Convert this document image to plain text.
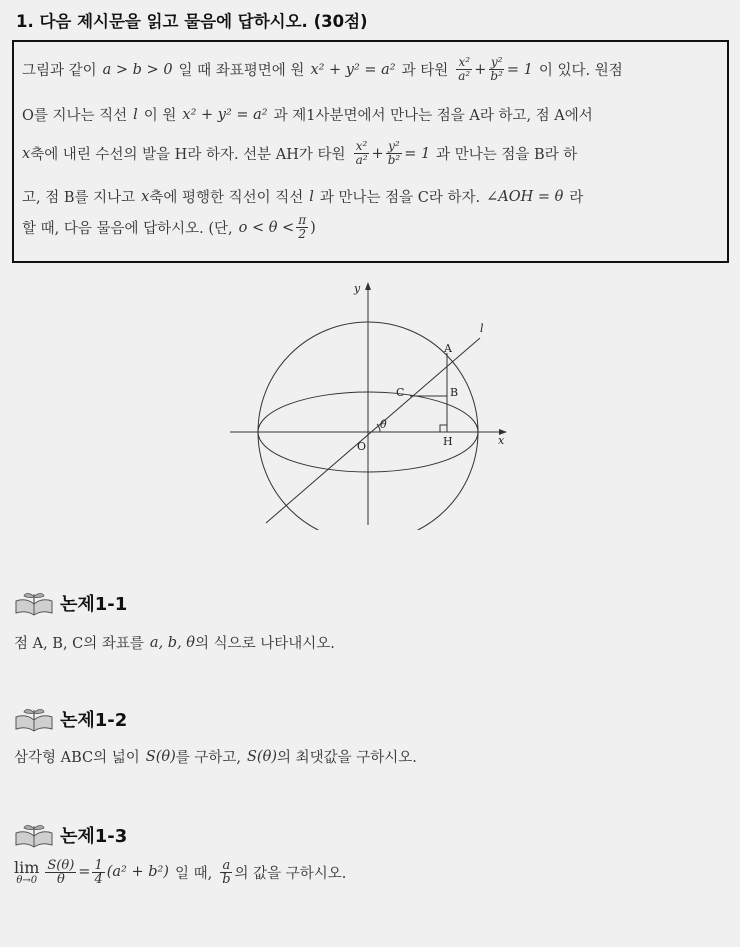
1. 다음 제시문을 읽고 물음에 답하시오. (30점)
그림과 같이 a > b > 0 일 때 좌표평면에 원 x² + y² = a² 과 타원 $\frac{\text{x²}}{\text{a²}} + \frac{\text{y²}}{\text{b²}} = 1$ 이 있다. 원점
O를 지나는 직선 l 이 원 x² + y² = a² 과 제1사분면에서 만나는 점을 A라 하고, 점 A에서
x 축에 내린 수선의 발을 H라 하자. 선분 AH가 타원 $\frac{\text{x²}}{\text{a²}} + \frac{\text{y²}}{\text{b²}} = 1$ 과 만나는 점을 B라 하
고, 점 B를 지나고 x 축에 평행한 직선이 직선 l 과 만나는 점을 C라 하자. ∠AOH = θ 라
할 때, 다음 물음에 답하시오. (단, $o < \theta < \frac{\pi}{2}$ )
y
x
l
A
B
C
O	H
θ
논제1-1
점 A, B, C의 좌표를 a, b, θ 의 식으로 나타내시오.
논제1-2
삼각형 ABC의 넓이 S(θ) 를 구하고, S(θ) 의 최댓값을 구하시오.
논제1-3
lim
$\theta\to 0 \frac{S(\theta)}{\theta} = \frac{1}{4} (a^2 + b^2)$ 일 때, $\frac{a}{b}$ 의 값을 구하시오.
